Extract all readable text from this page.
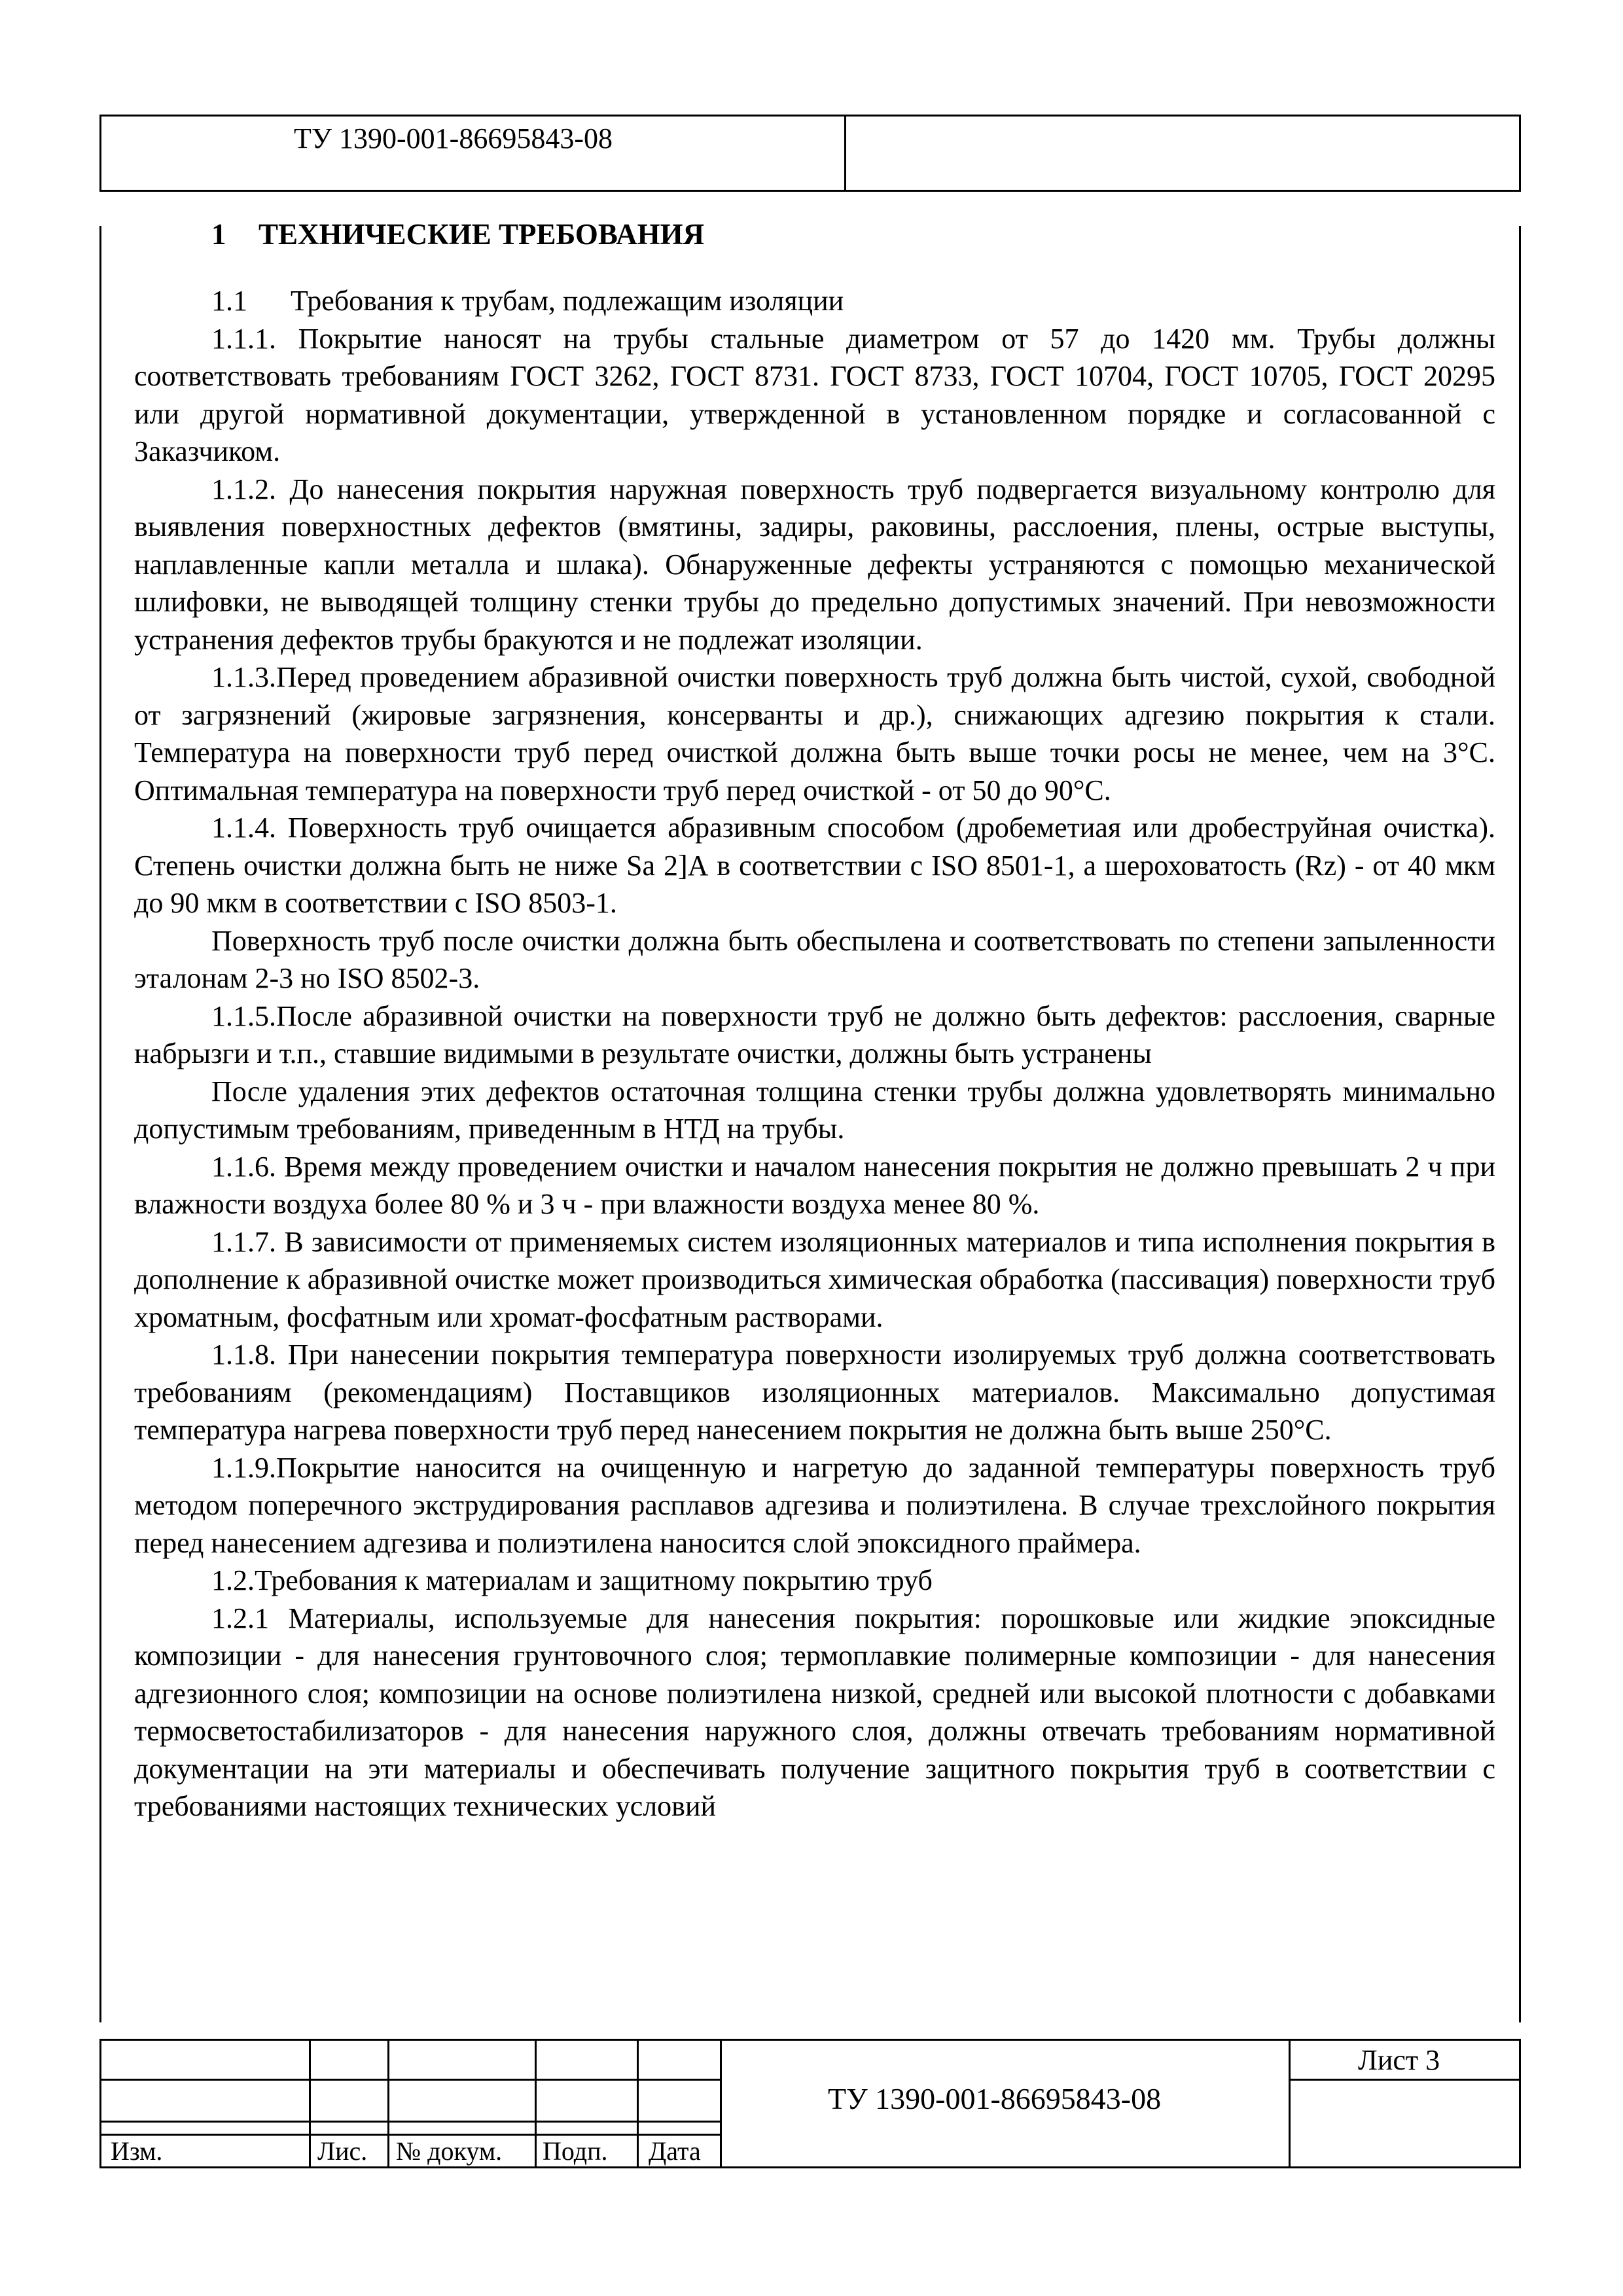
ТУ 1390-001-86695843-08
1 ТЕХНИЧЕСКИЕ ТРЕБОВАНИЯ

1.1      Требования к трубам, подлежащим изоляции

1.1.1. Покрытие наносят на трубы стальные диаметром от 57 до 1420 мм. Трубы должны соответствовать требованиям ГОСТ 3262, ГОСТ 8731. ГОСТ 8733, ГОСТ 10704, ГОСТ 10705, ГОСТ 20295 или другой нормативной документации, утвержденной в установленном порядке и согласованной с Заказчиком.

1.1.2. До нанесения покрытия наружная поверхность труб подвергается визуальному контролю для выявления поверхностных дефектов (вмятины, задиры, раковины, расслоения, плены, острые выступы, наплавленные капли металла и шлака). Обнаруженные дефекты устраняются с помощью механической шлифовки, не выводящей толщину стенки трубы до предельно допустимых значений. При невозможности устранения дефектов трубы бракуются и не подлежат изоляции.

1.1.3.Перед проведением абразивной очистки поверхность труб должна быть чистой, сухой, свободной от загрязнений (жировые загрязнения, консерванты и др.), снижающих адгезию покрытия к стали. Температура на поверхности труб перед очисткой должна быть выше точки росы не менее, чем на 3°С. Оптимальная температура на поверхности труб перед очисткой - от 50 до 90°С.

1.1.4. Поверхность труб очищается абразивным способом (дробеметиая или дробеструйная очистка). Степень очистки должна быть не ниже Sa 2]А в соответствии с ISO 8501-1, а шероховатость (Rz) - от 40 мкм до 90 мкм в соответствии с ISO 8503-1.

Поверхность труб после очистки должна быть обеспылена и соответствовать по степени запыленности эталонам 2-3 но ISO 8502-3.

1.1.5.После абразивной очистки на поверхности труб не должно быть дефектов: расслоения, сварные набрызги и т.п., ставшие видимыми в результате очистки, должны быть устранены

После удаления этих дефектов остаточная толщина стенки трубы должна удовлетворять минимально допустимым требованиям, приведенным в НТД на трубы.

1.1.6. Время между проведением очистки и началом нанесения покрытия не должно превышать 2 ч при влажности воздуха более 80 % и 3 ч - при влажности воздуха менее 80 %.

1.1.7. В зависимости от применяемых систем изоляционных материалов и типа исполнения покрытия в дополнение к абразивной очистке может производиться химическая обработка (пассивация) поверхности труб хроматным, фосфатным или хромат-фосфатным растворами.

1.1.8. При нанесении покрытия температура поверхности изолируемых труб должна соответствовать требованиям (рекомендациям) Поставщиков изоляционных материалов. Максимально допустимая температура нагрева поверхности труб перед нанесением покрытия не должна быть выше 250°С.

1.1.9.Покрытие наносится на очищенную и нагретую до заданной температуры поверхность труб методом поперечного экструдирования расплавов адгезива и полиэтилена. В случае трехслойного покрытия перед нанесением адгезива и полиэтилена наносится слой эпоксидного праймера.

1.2.Требования к материалам и защитному покрытию труб

1.2.1 Материалы, используемые для нанесения покрытия: порошковые или жидкие эпоксидные композиции - для нанесения грунтовочного слоя; термоплавкие полимерные композиции - для нанесения адгезионного слоя; композиции на основе полиэтилена низкой, средней или высокой плотности с добавками термосветостабилизаторов - для нанесения наружного слоя, должны отвечать требованиям нормативной документации на эти материалы и обеспечивать получение защитного покрытия труб в соответствии с требованиями настоящих технических условий

Изм.	Лис. № докум. Подп. Дата
ТУ 1390-001-86695843-08
Лист 3
